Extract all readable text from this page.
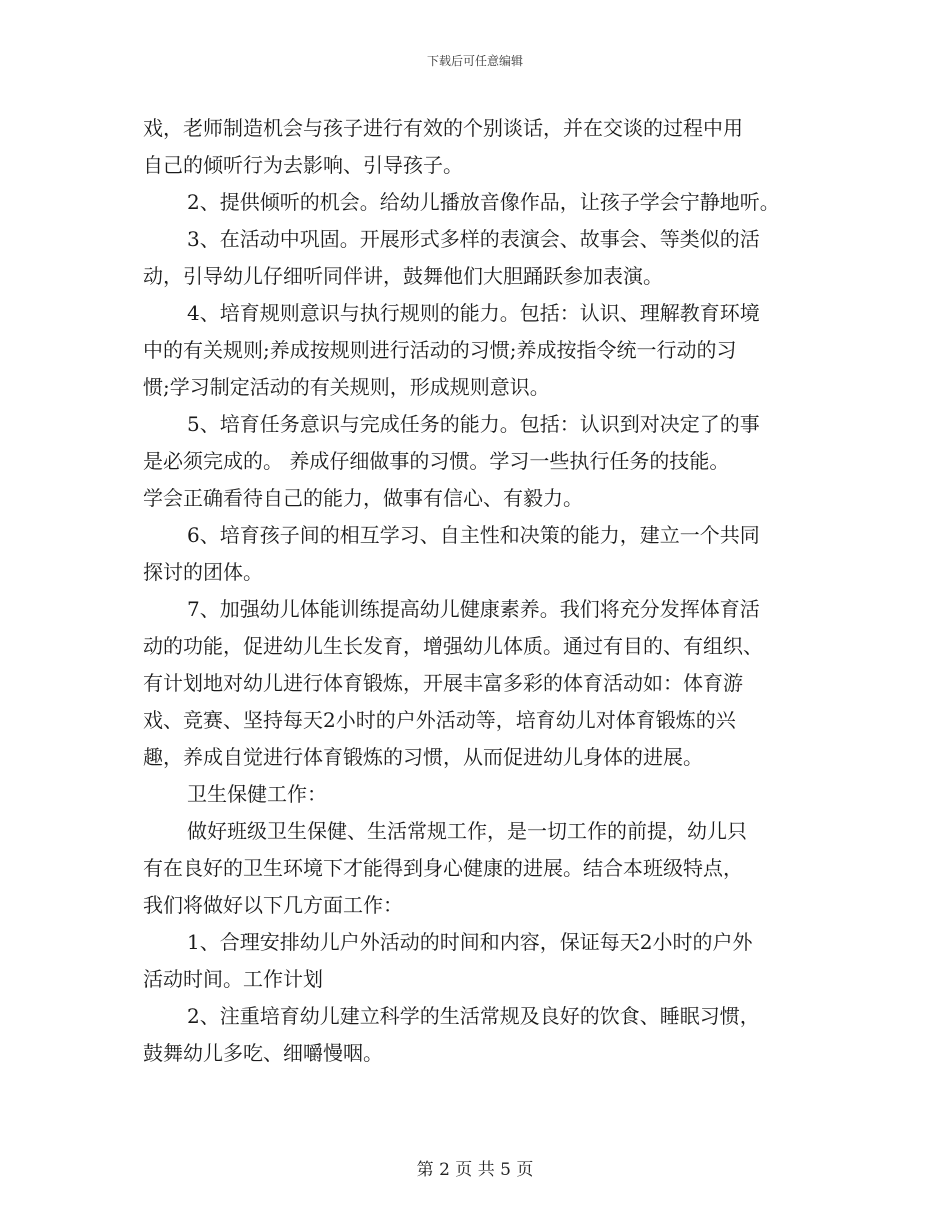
下载后可任意编辑

戏，老师制造机会与孩子进行有效的个别谈话，并在交谈的过程中用
自己的倾听行为去影响、引导孩子。

2、提供倾听的机会。给幼儿播放音像作品，让孩子学会宁静地听。

3、在活动中巩固。开展形式多样的表演会、故事会、等类似的活
动，引导幼儿仔细听同伴讲，鼓舞他们大胆踊跃参加表演。

4、培育规则意识与执行规则的能力。包括：认识、理解教育环境
中的有关规则;养成按规则进行活动的习惯;养成按指令统一行动的习
惯;学习制定活动的有关规则，形成规则意识。

5、培育任务意识与完成任务的能力。包括：认识到对决定了的事
是必须完成的。 养成仔细做事的习惯。学习一些执行任务的技能。
学会正确看待自己的能力，做事有信心、有毅力。

6、培育孩子间的相互学习、自主性和决策的能力，建立一个共同
探讨的团体。

7、加强幼儿体能训练提高幼儿健康素养。我们将充分发挥体育活
动的功能，促进幼儿生长发育，增强幼儿体质。通过有目的、有组织、
有计划地对幼儿进行体育锻炼，开展丰富多彩的体育活动如：体育游
戏、竞赛、坚持每天2小时的户外活动等，培育幼儿对体育锻炼的兴
趣，养成自觉进行体育锻炼的习惯，从而促进幼儿身体的进展。

卫生保健工作：

做好班级卫生保健、生活常规工作，是一切工作的前提，幼儿只
有在良好的卫生环境下才能得到身心健康的进展。结合本班级特点，
我们将做好以下几方面工作：

1、合理安排幼儿户外活动的时间和内容，保证每天2小时的户外
活动时间。工作计划

2、注重培育幼儿建立科学的生活常规及良好的饮食、睡眠习惯，
鼓舞幼儿多吃、细嚼慢咽。

第 2 页 共 5 页
